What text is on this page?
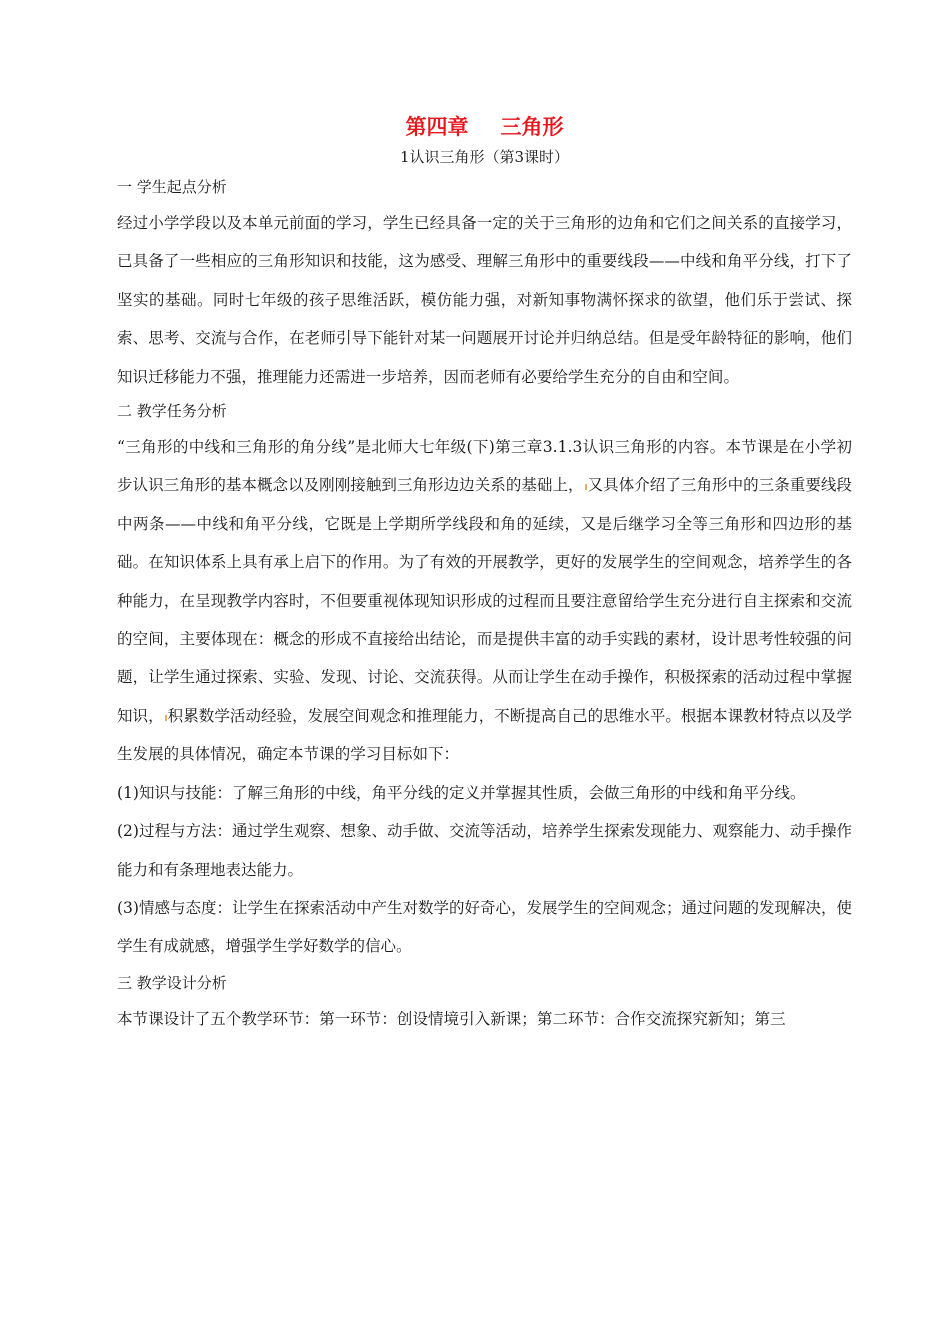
第四章 三角形

1认识三角形（第3课时）

一 学生起点分析

经过小学学段以及本单元前面的学习，学生已经具备一定的关于三角形的边角和它们之间关系的直接学习，已具备了一些相应的三角形知识和技能，这为感受、理解三角形中的重要线段——中线和角平分线，打下了坚实的基础。同时七年级的孩子思维活跃，模仿能力强，对新知事物满怀探求的欲望，他们乐于尝试、探索、思考、交流与合作，在老师引导下能针对某一问题展开讨论并归纳总结。但是受年龄特征的影响，他们知识迁移能力不强，推理能力还需进一步培养，因而老师有必要给学生充分的自由和空间。

二 教学任务分析

“三角形的中线和三角形的角分线”是北师大七年级(下)第三章3.1.3认识三角形的内容。本节课是在小学初步认识三角形的基本概念以及刚刚接触到三角形边边关系的基础上， 又具体介绍了三角形中的三条重要线段中两条——中线和角平分线，它既是上学期所学线段和角的延续，又是后继学习全等三角形和四边形的基础。在知识体系上具有承上启下的作用。为了有效的开展教学，更好的发展学生的空间观念，培养学生的各种能力，在呈现教学内容时，不但要重视体现知识形成的过程而且要注意留给学生充分进行自主探索和交流的空间，主要体现在：概念的形成不直接给出结论，而是提供丰富的动手实践的素材，设计思考性较强的问题，让学生通过探索、实验、发现、讨论、交流获得。从而让学生在动手操作，积极探索的活动过程中掌握知识， 积累数学活动经验，发展空间观念和推理能力，不断提高自己的思维水平。根据本课教材特点以及学生发展的具体情况，确定本节课的学习目标如下：

(1)知识与技能：了解三角形的中线，角平分线的定义并掌握其性质，会做三角形的中线和角平分线。

(2)过程与方法：通过学生观察、想象、动手做、交流等活动，培养学生探索发现能力、观察能力、动手操作能力和有条理地表达能力。

(3)情感与态度：让学生在探索活动中产生对数学的好奇心，发展学生的空间观念；通过问题的发现解决，使学生有成就感，增强学生学好数学的信心。

三 教学设计分析

本节课设计了五个教学环节：第一环节：创设情境引入新课；第二环节：合作交流探究新知；第三
